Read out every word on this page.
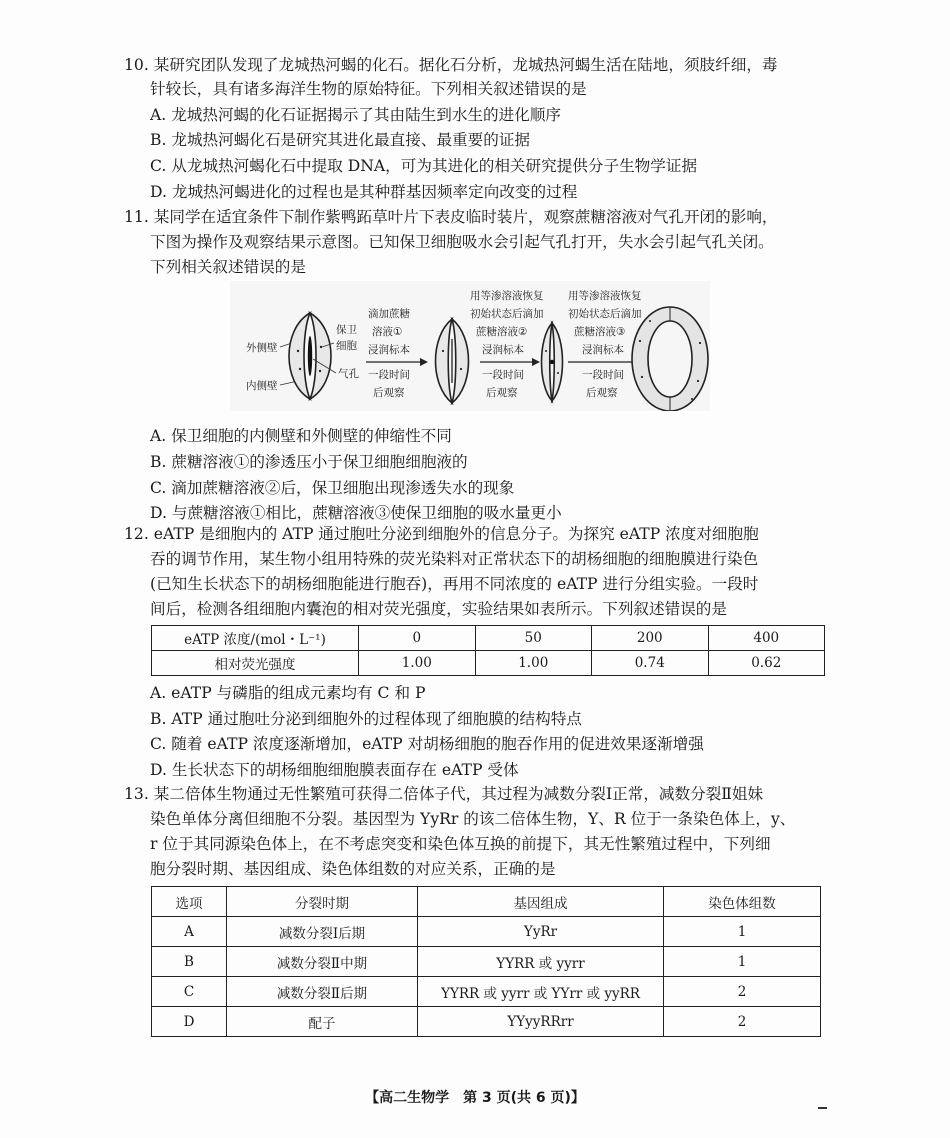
10. 某研究团队发现了龙城热河蝎的化石。据化石分析，龙城热河蝎生活在陆地，须肢纤细，毒
针较长，具有诸多海洋生物的原始特征。下列相关叙述错误的是
A. 龙城热河蝎的化石证据揭示了其由陆生到水生的进化顺序
B. 龙城热河蝎化石是研究其进化最直接、最重要的证据
C. 从龙城热河蝎化石中提取 DNA，可为其进化的相关研究提供分子生物学证据
D. 龙城热河蝎进化的过程也是其种群基因频率定向改变的过程
11. 某同学在适宜条件下制作紫鸭跖草叶片下表皮临时装片，观察蔗糖溶液对气孔开闭的影响，
下图为操作及观察结果示意图。已知保卫细胞吸水会引起气孔打开，失水会引起气孔关闭。
下列相关叙述错误的是
外侧壁
内侧壁
保卫
细胞
气孔
滴加蔗糖
溶液①
浸润标本
一段时间
后观察
用等渗溶液恢复
初始状态后滴加
蔗糖溶液②
浸润标本
一段时间
后观察
用等渗溶液恢复
初始状态后滴加
蔗糖溶液③
浸润标本
一段时间
后观察
A. 保卫细胞的内侧壁和外侧壁的伸缩性不同
B. 蔗糖溶液①的渗透压小于保卫细胞细胞液的
C. 滴加蔗糖溶液②后，保卫细胞出现渗透失水的现象
D. 与蔗糖溶液①相比，蔗糖溶液③使保卫细胞的吸水量更小
12. eATP 是细胞内的 ATP 通过胞吐分泌到细胞外的信息分子。为探究 eATP 浓度对细胞胞
吞的调节作用，某生物小组用特殊的荧光染料对正常状态下的胡杨细胞的细胞膜进行染色
(已知生长状态下的胡杨细胞能进行胞吞)，再用不同浓度的 eATP 进行分组实验。一段时
间后，检测各组细胞内囊泡的相对荧光强度，实验结果如表所示。下列叙述错误的是
eATP 浓度/(mol・L⁻¹)	0	50	200	400
相对荧光强度	1.00	1.00	0.74	0.62
A. eATP 与磷脂的组成元素均有 C 和 P
B. ATP 通过胞吐分泌到细胞外的过程体现了细胞膜的结构特点
C. 随着 eATP 浓度逐渐增加，eATP 对胡杨细胞的胞吞作用的促进效果逐渐增强
D. 生长状态下的胡杨细胞细胞膜表面存在 eATP 受体
13. 某二倍体生物通过无性繁殖可获得二倍体子代，其过程为减数分裂Ⅰ正常，减数分裂Ⅱ姐妹
染色单体分离但细胞不分裂。基因型为 YyRr 的该二倍体生物，Y、R 位于一条染色体上，y、
r 位于其同源染色体上，在不考虑突变和染色体互换的前提下，其无性繁殖过程中，下列细
胞分裂时期、基因组成、染色体组数的对应关系，正确的是
选项	分裂时期	基因组成	染色体组数
A	减数分裂Ⅰ后期	YyRr	1
B	减数分裂Ⅱ中期	YYRR 或 yyrr	1
C	减数分裂Ⅱ后期	YYRR 或 yyrr 或 YYrr 或 yyRR	2
D	配子	YYyyRRrr	2
【高二生物学　第 3 页(共 6 页)】
